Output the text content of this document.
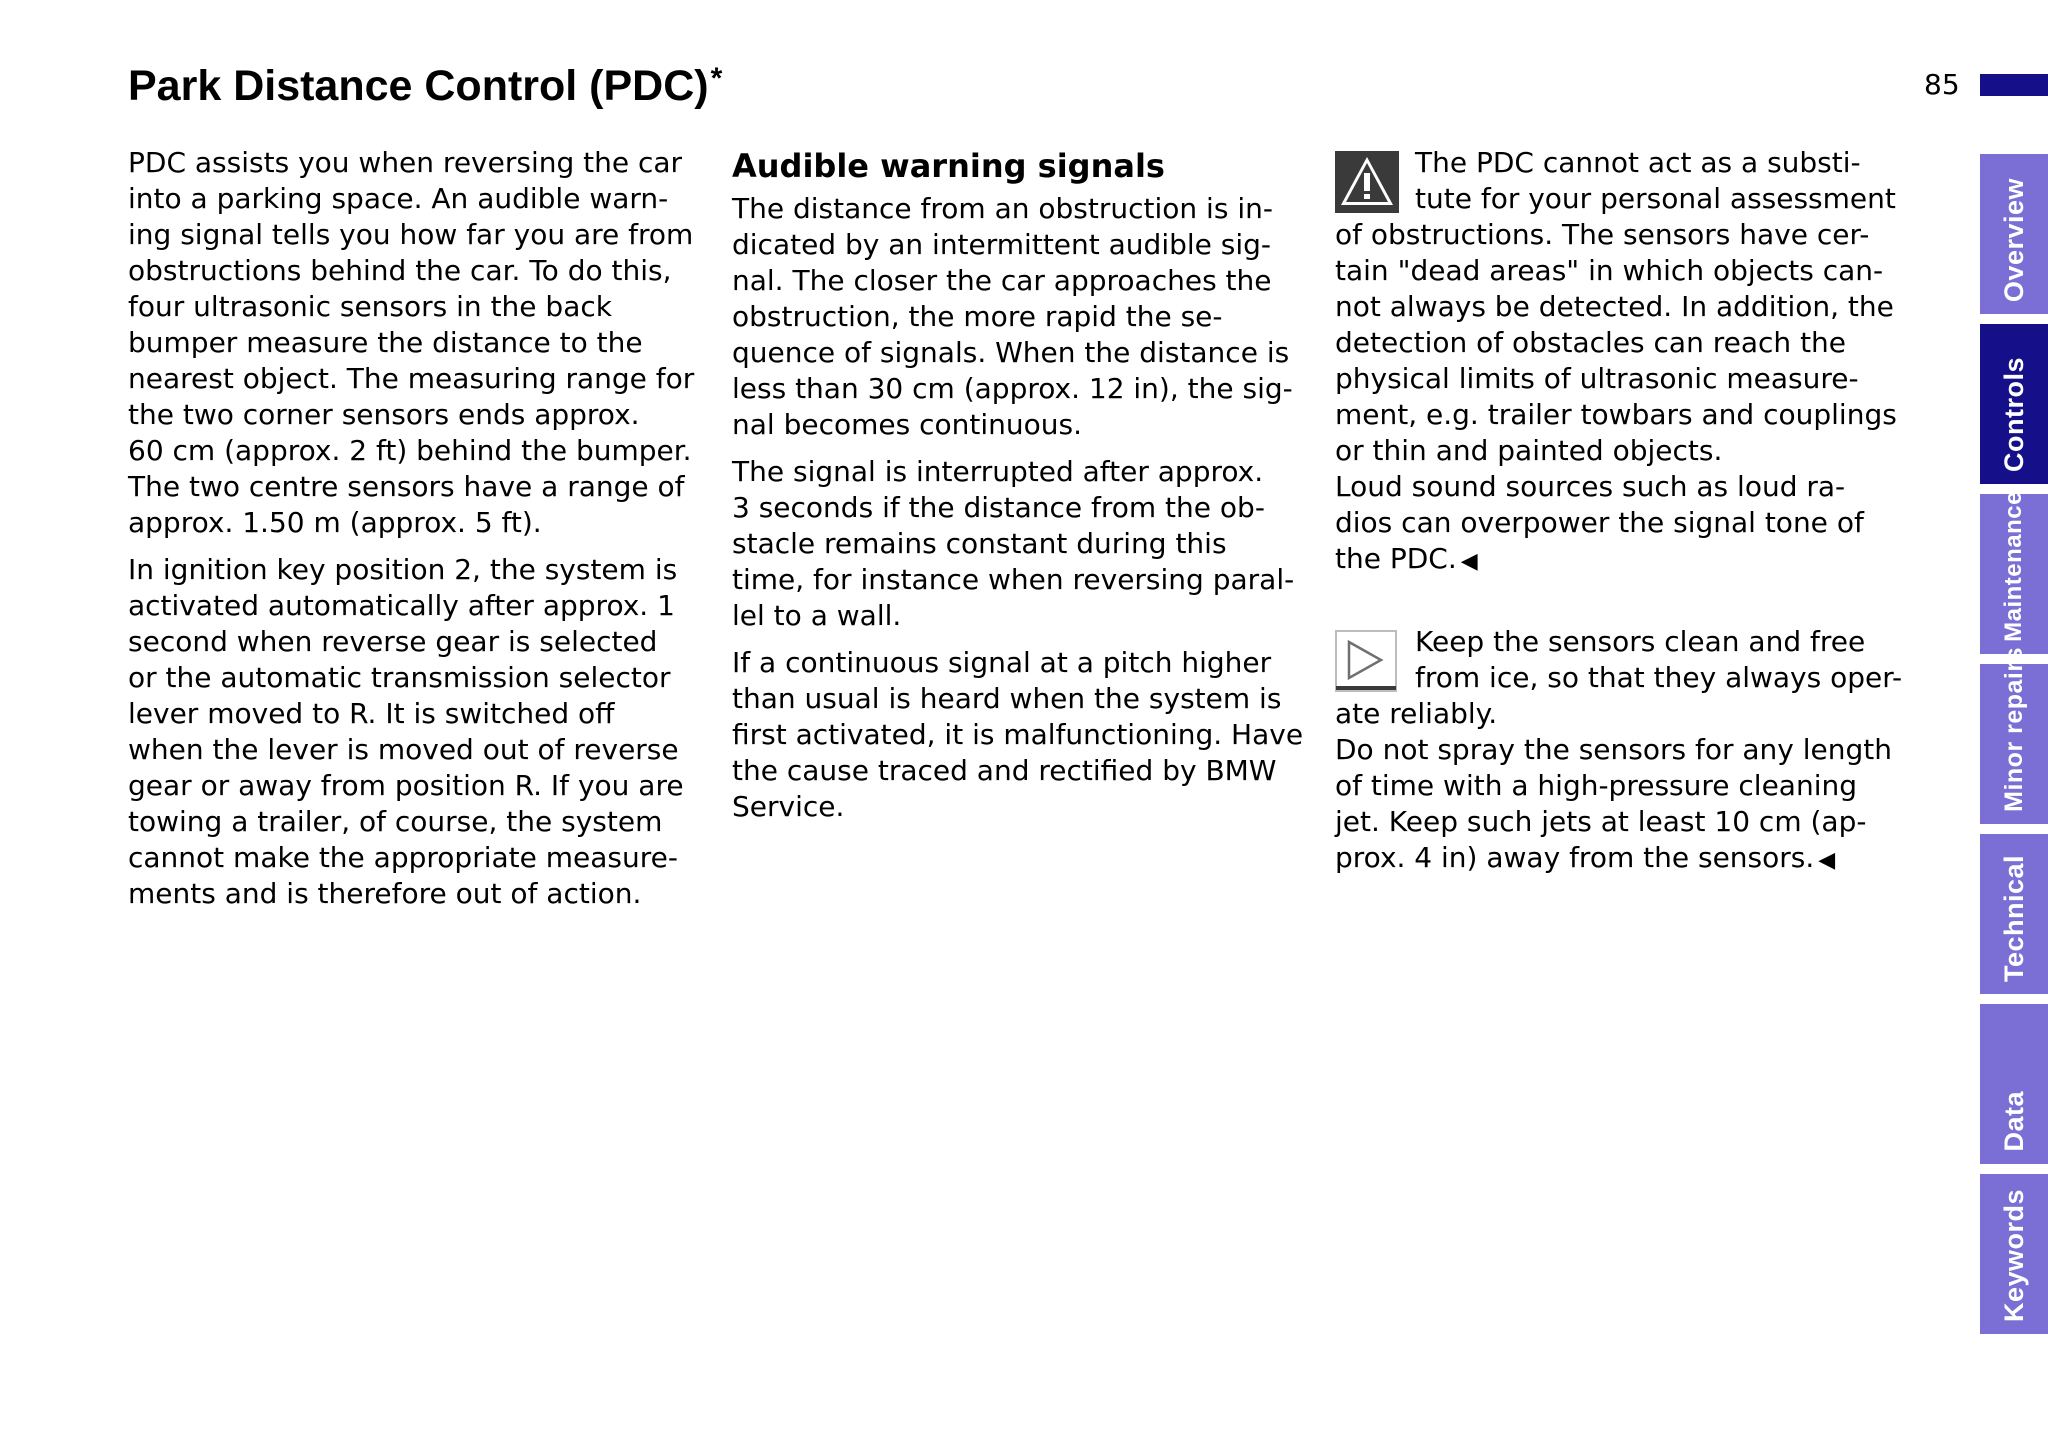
Park Distance Control (PDC)*	85

PDC assists you when reversing the car
into a parking space. An audible warn-
ing signal tells you how far you are from
obstructions behind the car. To do this,
four ultrasonic sensors in the back
bumper measure the distance to the
nearest object. The measuring range for
the two corner sensors ends approx.
60 cm (approx. 2 ft) behind the bumper.
The two centre sensors have a range of
approx. 1.50 m (approx. 5 ft).

In ignition key position 2, the system is
activated automatically after approx. 1
second when reverse gear is selected
or the automatic transmission selector
lever moved to R. It is switched off
when the lever is moved out of reverse
gear or away from position R. If you are
towing a trailer, of course, the system
cannot make the appropriate measure-
ments and is therefore out of action.

Audible warning signals

The distance from an obstruction is in-
dicated by an intermittent audible sig-
nal. The closer the car approaches the
obstruction, the more rapid the se-
quence of signals. When the distance is
less than 30 cm (approx. 12 in), the sig-
nal becomes continuous.

The signal is interrupted after approx.
3 seconds if the distance from the ob-
stacle remains constant during this
time, for instance when reversing paral-
lel to a wall.

If a continuous signal at a pitch higher
than usual is heard when the system is
first activated, it is malfunctioning. Have
the cause traced and rectified by BMW
Service.

The PDC cannot act as a substi-
tute for your personal assessment
of obstructions. The sensors have cer-
tain "dead areas" in which objects can-
not always be detected. In addition, the
detection of obstacles can reach the
physical limits of ultrasonic measure-
ment, e.g. trailer towbars and couplings
or thin and painted objects.
Loud sound sources such as loud ra-
dios can overpower the signal tone of
the PDC. ◀

Keep the sensors clean and free
from ice, so that they always oper-
ate reliably.
Do not spray the sensors for any length
of time with a high-pressure cleaning
jet. Keep such jets at least 10 cm (ap-
prox. 4 in) away from the sensors. ◀

Overview
Controls
Maintenance
Minor repairs
Technical
Data
Keywords
